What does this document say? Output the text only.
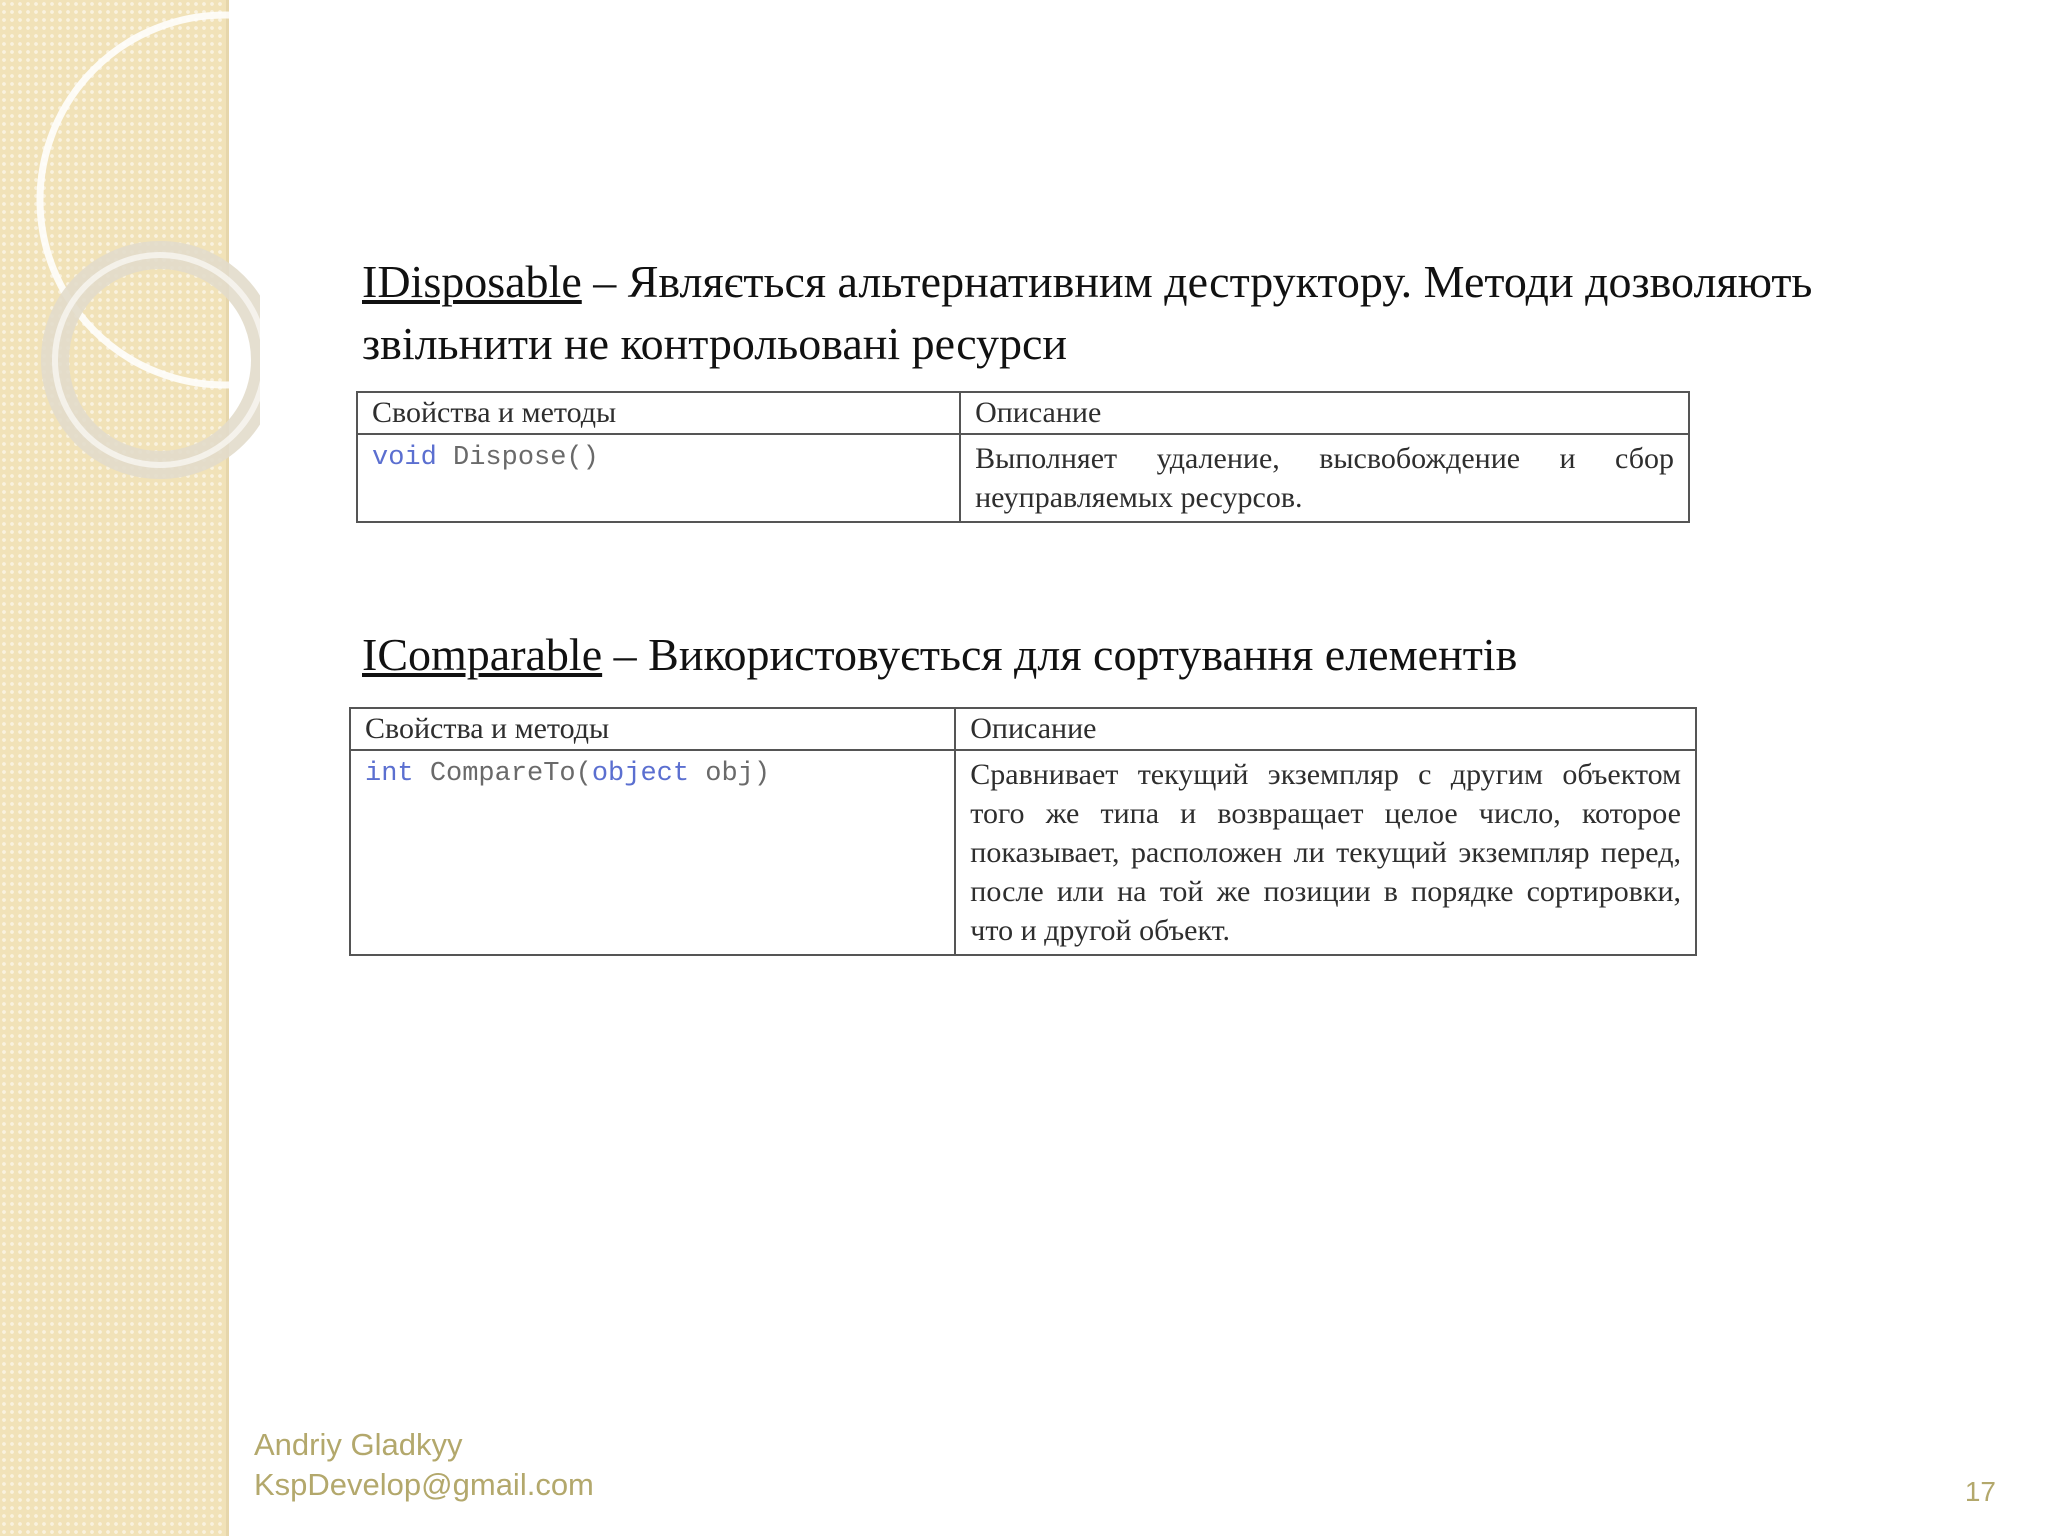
IDisposable – Являється альтернативним деструктору. Методи дозволяють
звільнити не контрольовані ресурси
Свойства и методы	Описание
void Dispose()	Выполняет удаление, высвобождение и сбор неуправляемых ресурсов.
IComparable – Використовується для сортування елементів
Свойства и методы	Описание
int CompareTo(object obj)	Сравнивает текущий экземпляр с другим объектом того же типа и возвращает целое число, которое показывает, расположен ли текущий экземпляр перед, после или на той же позиции в порядке сортировки, что и другой объект.
Andriy Gladkyy
KspDevelop@gmail.com	17
